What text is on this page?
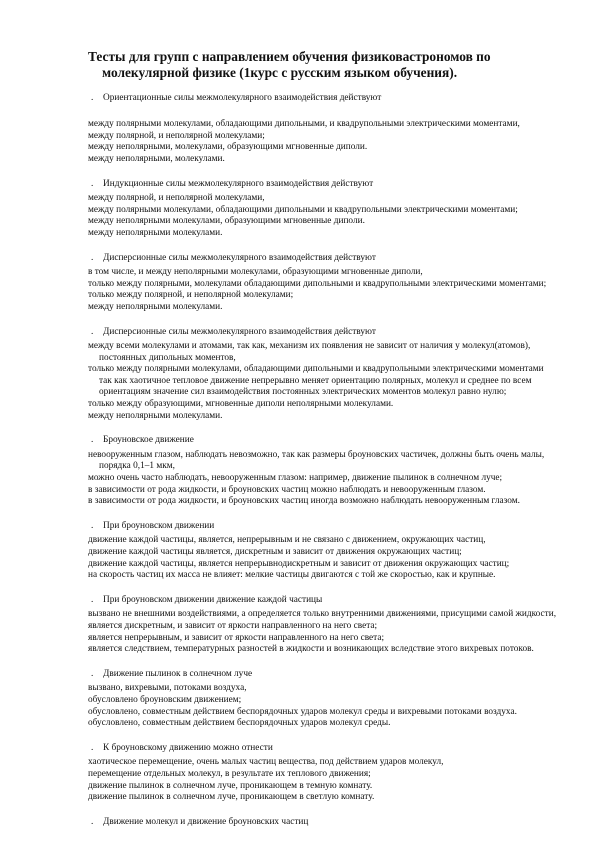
Тесты для групп с направлением обучения физиковастрономов по
молекулярной физике (1курс с русским языком обучения).
. Ориентационные силы межмолекулярного взаимодействия действуют
между полярными молекулами, обладающими дипольными, и квадрупольными электрическими моментами,
между полярной, и неполярной молекулами;
между неполярными, молекулами, образующими мгновенные диполи.
между неполярными, молекулами.
. Индукционные силы межмолекулярного взаимодействия действуют
между полярной, и неполярной молекулами,
между полярными молекулами, обладающими дипольными и квадрупольными электрическими моментами;
между неполярными молекулами, образующими мгновенные диполи.
между неполярными молекулами.
. Дисперсионные силы межмолекулярного взаимодействия действуют
в том числе, и между неполярными молекулами, образующими мгновенные диполи,
только между полярными, молекулами обладающими дипольными и квадрупольными электрическими моментами;
только между полярной, и неполярной молекулами;
между неполярными молекулами.
. Дисперсионные силы межмолекулярного взаимодействия действуют
между всеми молекулами и атомами, так как, механизм их появления не зависит от наличия у молекул(атомов), постоянных дипольных моментов,
только между полярными молекулами, обладающими дипольными и квадрупольными электрическими моментами так как хаотичное тепловое движение непрерывно меняет ориентацию полярных, молекул и среднее по всем ориентациям значение сил взаимодействия постоянных электрических моментов молекул равно нулю;
только между образующими, мгновенные диполи неполярными молекулами.
между неполярными молекулами.
. Броуновское движение
невооруженным глазом, наблюдать невозможно, так как размеры броуновских частичек, должны быть очень малы, порядка 0,1–1 мкм,
можно очень часто наблюдать, невооруженным глазом: например, движение пылинок в солнечном луче;
в зависимости от рода жидкости, и броуновских частиц можно наблюдать и невооруженным глазом.
в зависимости от рода жидкости, и броуновских частиц иногда возможно наблюдать невооруженным глазом.
. При броуновском движении
движение каждой частицы, является, непрерывным и не связано с движением, окружающих частиц,
движение каждой частицы является, дискретным и зависит от движения окружающих частиц;
движение каждой частицы, является непрерывнодискретным и зависит от движения окружающих частиц;
на скорость частиц их масса не влияет: мелкие частицы двигаются с той же скоростью, как и крупные.
. При броуновском движении движение каждой частицы
вызвано не внешними воздействиями, а определяется только внутренними движениями, присущими самой жидкости,
является дискретным, и зависит от яркости направленного на него света;
является непрерывным, и зависит от яркости направленного на него света;
является следствием, температурных разностей в жидкости и возникающих вследствие этого вихревых потоков.
. Движение пылинок в солнечном луче
вызвано, вихревыми, потоками воздуха,
обусловлено броуновским движением;
обусловлено, совместным действием беспорядочных ударов молекул среды и вихревыми потоками воздуха.
обусловлено, совместным действием беспорядочных ударов молекул среды.
. К броуновскому движению можно отнести
хаотическое перемещение, очень малых частиц вещества, под действием ударов молекул,
перемещение отдельных молекул, в результате их теплового движения;
движение пылинок в солнечном луче, проникающем в темную комнату.
движение пылинок в солнечном луче, проникающем в светлую комнату.
. Движение молекул и движение броуновских частиц
